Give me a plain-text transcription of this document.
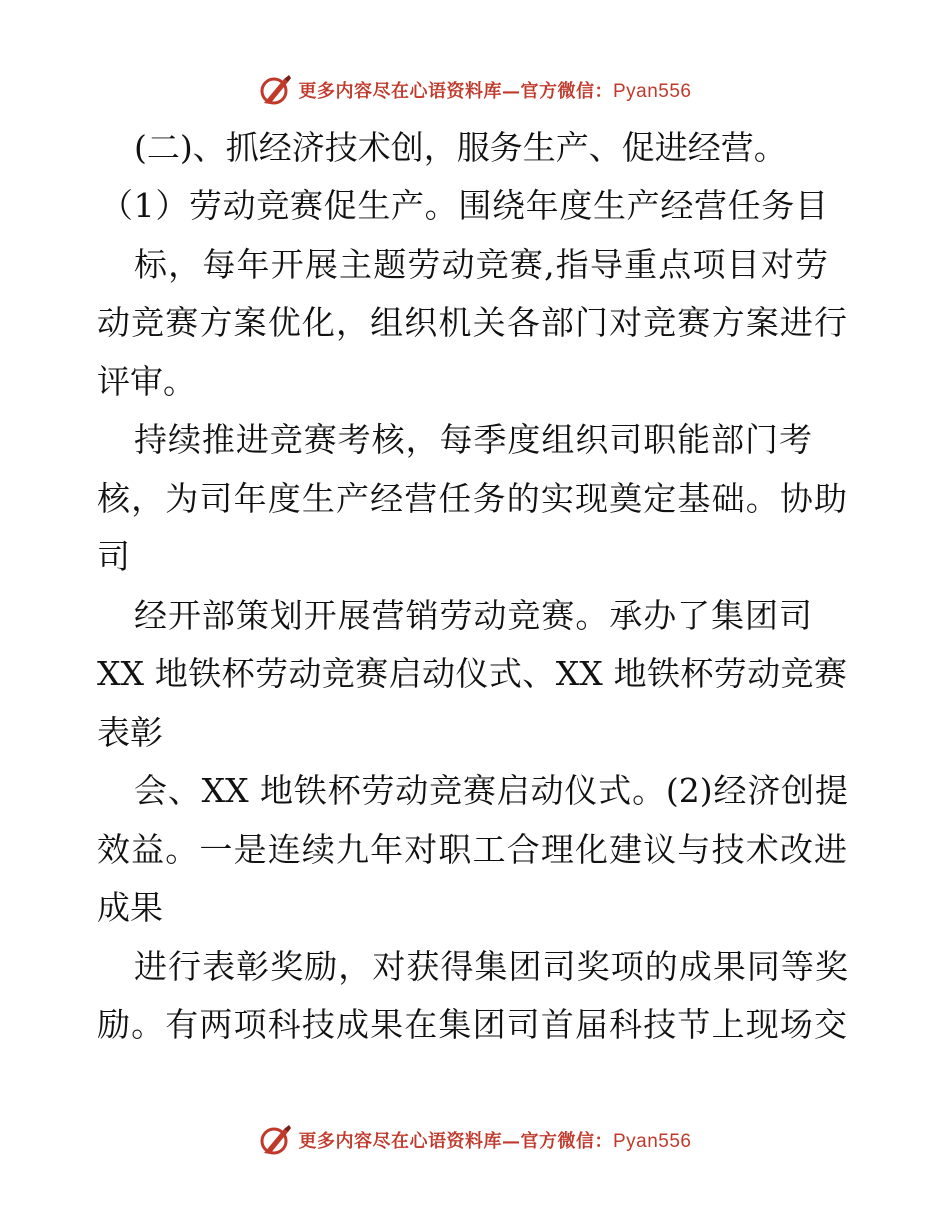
更多内容尽在心语资料库—官方微信：Pyan556
(二)、抓经济技术创，服务生产、促进经营。
（1）劳动竞赛促生产。围绕年度生产经营任务目
标，每年开展主题劳动竞赛,指导重点项目对劳
动竞赛方案优化，组织机关各部门对竞赛方案进行
评审。
持续推进竞赛考核，每季度组织司职能部门考
核，为司年度生产经营任务的实现奠定基础。协助
司
经开部策划开展营销劳动竞赛。承办了集团司
XX 地铁杯劳动竞赛启动仪式、XX 地铁杯劳动竞赛
表彰
会、XX 地铁杯劳动竞赛启动仪式。(2)经济创提
效益。一是连续九年对职工合理化建议与技术改进
成果
进行表彰奖励，对获得集团司奖项的成果同等奖
励。有两项科技成果在集团司首届科技节上现场交
更多内容尽在心语资料库—官方微信：Pyan556
